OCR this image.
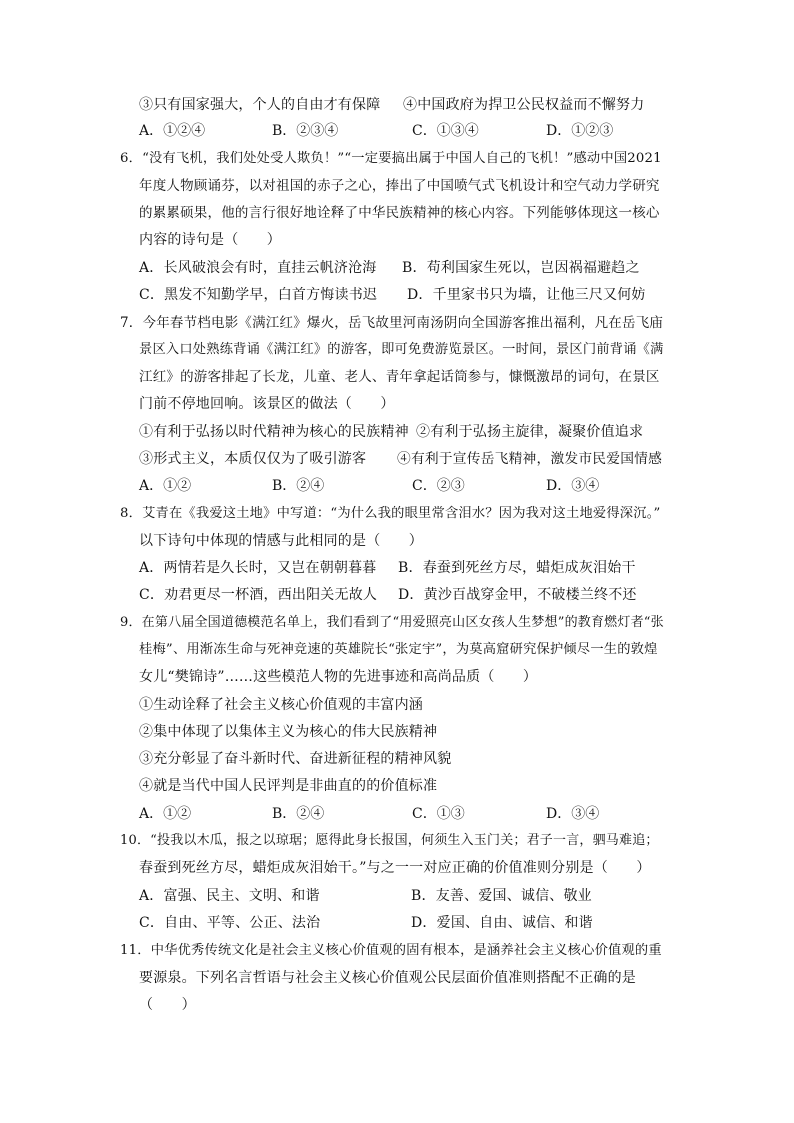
③只有国家强大，个人的自由才有保障 ④中国政府为捍卫公民权益而不懈努力
A．①②④	B．②③④	C．①③④	D．①②③
6．“没有飞机，我们处处受人欺负！”“一定要搞出属于中国人自己的飞机！”感动中国2021
年度人物顾诵芬，以对祖国的赤子之心，捧出了中国喷气式飞机设计和空气动力学研究
的累累硕果，他的言行很好地诠释了中华民族精神的核心内容。下列能够体现这一核心
内容的诗句是（　　）
A．长风破浪会有时，直挂云帆济沧海 B．苟利国家生死以，岂因祸福避趋之
C．黑发不知勤学早，白首方悔读书迟 D．千里家书只为墙，让他三尺又何妨
7．今年春节档电影《满江红》爆火，岳飞故里河南汤阴向全国游客推出福利，凡在岳飞庙
景区入口处熟练背诵《满江红》的游客，即可免费游览景区。一时间，景区门前背诵《满
江红》的游客排起了长龙，儿童、老人、青年拿起话筒参与，慷慨激昂的词句，在景区
门前不停地回响。该景区的做法（　　）
①有利于弘扬以时代精神为核心的民族精神 ②有利于弘扬主旋律，凝聚价值追求
③形式主义，本质仅仅为了吸引游客 ④有利于宣传岳飞精神，激发市民爱国情感
A．①②	B．②④	C．②③	D．③④
8．艾青在《我爱这土地》中写道：“为什么我的眼里常含泪水？因为我对这土地爱得深沉。”
以下诗句中体现的情感与此相同的是（　　）
A．两情若是久长时，又岂在朝朝暮暮 B．春蚕到死丝方尽，蜡炬成灰泪始干
C．劝君更尽一杯酒，西出阳关无故人 D．黄沙百战穿金甲，不破楼兰终不还
9．在第八届全国道德模范名单上，我们看到了“用爱照亮山区女孩人生梦想”的教育燃灯者“张
桂梅”、用渐冻生命与死神竞速的英雄院长“张定宇”，为莫高窟研究保护倾尽一生的敦煌
女儿“樊锦诗”……这些模范人物的先进事迹和高尚品质（　　）
①生动诠释了社会主义核心价值观的丰富内涵
②集中体现了以集体主义为核心的伟大民族精神
③充分彰显了奋斗新时代、奋进新征程的精神风貌
④就是当代中国人民评判是非曲直的的价值标准
A．①②	B．②④	C．①③	D．③④
10．“投我以木瓜，报之以琼琚；愿得此身长报国，何须生入玉门关；君子一言，驷马难追；
春蚕到死丝方尽，蜡炬成灰泪始干。”与之一一对应正确的价值准则分别是（　　）
A．富强、民主、文明、和谐	B．友善、爱国、诚信、敬业
C．自由、平等、公正、法治	D．爱国、自由、诚信、和谐
11．中华优秀传统文化是社会主义核心价值观的固有根本，是涵养社会主义核心价值观的重
要源泉。下列名言哲语与社会主义核心价值观公民层面价值准则搭配不正确的是
（　　）
